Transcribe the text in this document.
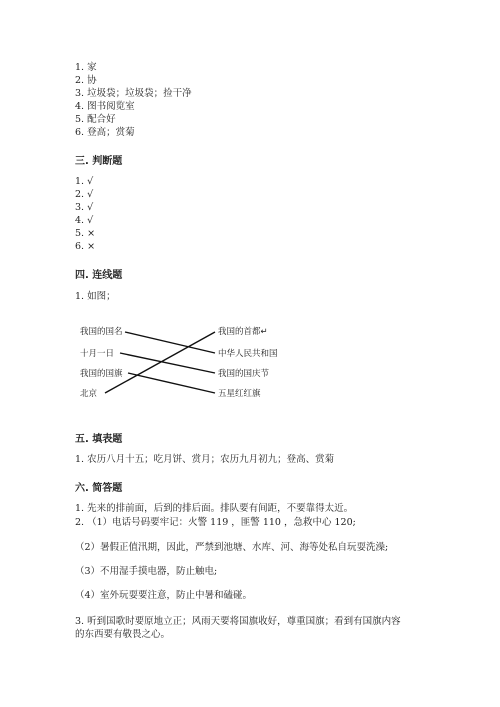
1. 家
2. 协
3. 垃圾袋；垃圾袋；捡干净
4. 图书阅览室
5. 配合好
6. 登高；赏菊
三. 判断题
1. √
2. √
3. √
4. √
5. ×
6. ×
四. 连线题
1. 如图；
我国的国名
十月一日
我国的国旗
北京
我国的首都↵
中华人民共和国
我国的国庆节
五星红红旗
五. 填表题
1. 农历八月十五；吃月饼、赏月；农历九月初九；登高、赏菊
六. 简答题
1. 先来的排前面，后到的排后面。排队要有间距，不要靠得太近。
2. （1）电话号码要牢记：火警 119 ，匪警 110 ，急救中心 120;
（2）暑假正值汛期，因此，严禁到池塘、水库、河、海等处私自玩耍洗澡;
（3）不用湿手摸电器，防止触电;
（4）室外玩耍要注意，防止中暑和磕碰。
3. 听到国歌时要原地立正；风雨天要将国旗收好，尊重国旗；看到有国旗内容
的东西要有敬畏之心。
